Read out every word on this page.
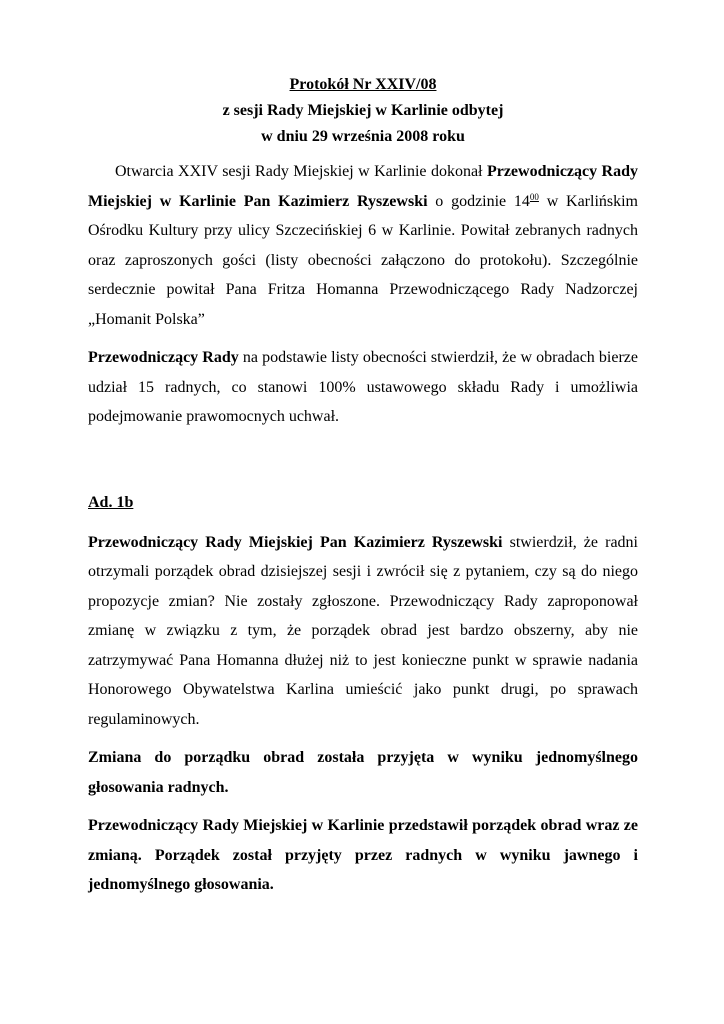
Protokół Nr XXIV/08
z sesji Rady Miejskiej w Karlinie odbytej
w dniu 29 września 2008 roku

Otwarcia XXIV sesji Rady Miejskiej w Karlinie dokonał Przewodniczący Rady Miejskiej w Karlinie Pan Kazimierz Ryszewski o godzinie $14^{00}$ w Karlińskim Ośrodku Kultury przy ulicy Szczecińskiej 6 w Karlinie. Powitał zebranych radnych oraz zaproszonych gości (listy obecności załączono do protokołu). Szczególnie serdecznie powitał Pana Fritza Homanna Przewodniczącego Rady Nadzorczej „Homanit Polska”

Przewodniczący Rady na podstawie listy obecności stwierdził, że w obradach bierze udział 15 radnych, co stanowi 100% ustawowego składu Rady i umożliwia podejmowanie prawomocnych uchwał.

Ad. 1b

Przewodniczący Rady Miejskiej Pan Kazimierz Ryszewski stwierdził, że radni otrzymali porządek obrad dzisiejszej sesji i zwrócił się z pytaniem, czy są do niego propozycje zmian? Nie zostały zgłoszone. Przewodniczący Rady zaproponował zmianę w związku z tym, że porządek obrad jest bardzo obszerny, aby nie zatrzymywać Pana Homanna dłużej niż to jest konieczne punkt w sprawie nadania Honorowego Obywatelstwa Karlina umieścić jako punkt drugi, po sprawach regulaminowych.

Zmiana do porządku obrad została przyjęta w wyniku jednomyślnego głosowania radnych.

Przewodniczący Rady Miejskiej w Karlinie przedstawił porządek obrad wraz ze zmianą. Porządek został przyjęty przez radnych w wyniku jawnego i jednomyślnego głosowania.
